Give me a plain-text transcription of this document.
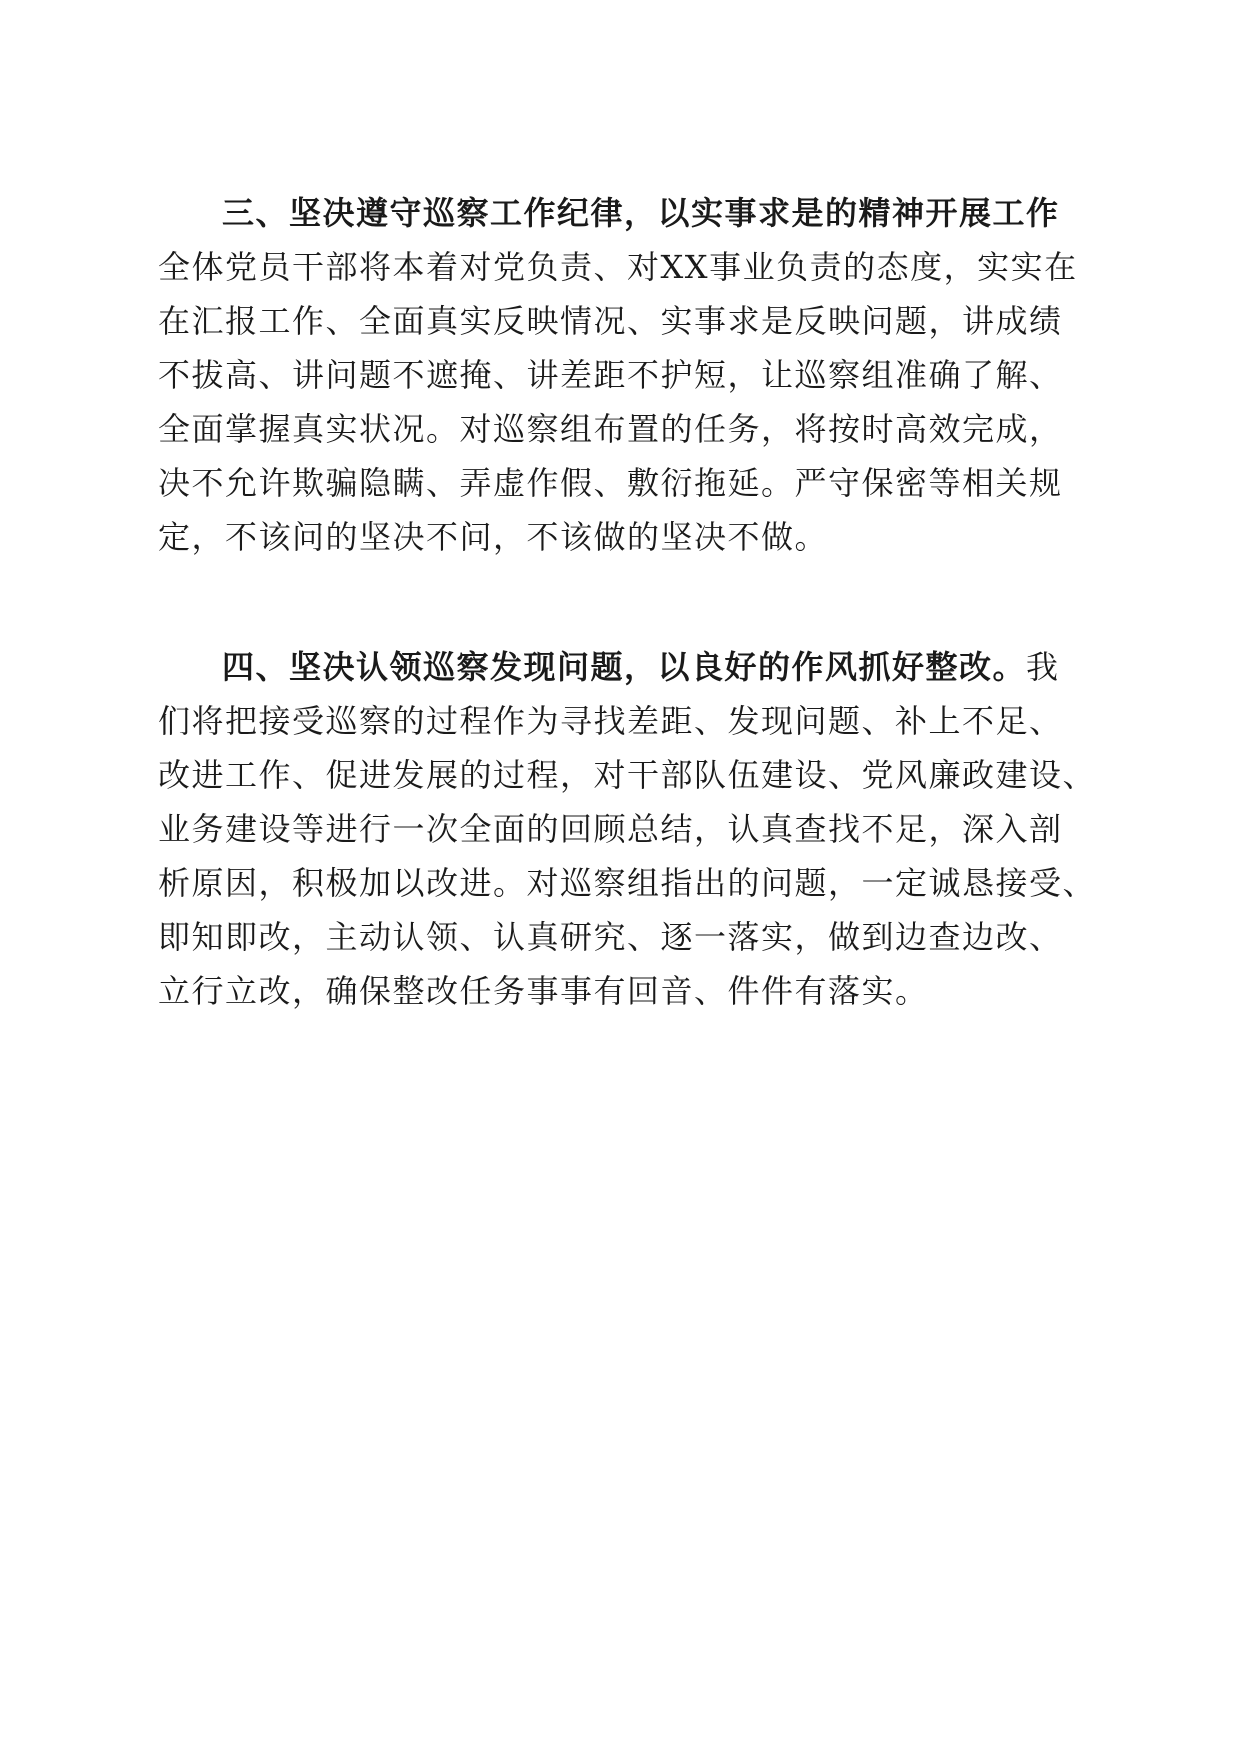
三、坚决遵守巡察工作纪律，以实事求是的精神开展工作
全体党员干部将本着对党负责、对XX事业负责的态度，实实在
在汇报工作、全面真实反映情况、实事求是反映问题，讲成绩
不拔高、讲问题不遮掩、讲差距不护短，让巡察组准确了解、
全面掌握真实状况。对巡察组布置的任务，将按时高效完成，
决不允许欺骗隐瞒、弄虚作假、敷衍拖延。严守保密等相关规
定，不该问的坚决不问，不该做的坚决不做。
四、坚决认领巡察发现问题，以良好的作风抓好整改。我
们将把接受巡察的过程作为寻找差距、发现问题、补上不足、
改进工作、促进发展的过程，对干部队伍建设、党风廉政建设、
业务建设等进行一次全面的回顾总结，认真查找不足，深入剖
析原因，积极加以改进。对巡察组指出的问题，一定诚恳接受、
即知即改，主动认领、认真研究、逐一落实，做到边查边改、
立行立改，确保整改任务事事有回音、件件有落实。
